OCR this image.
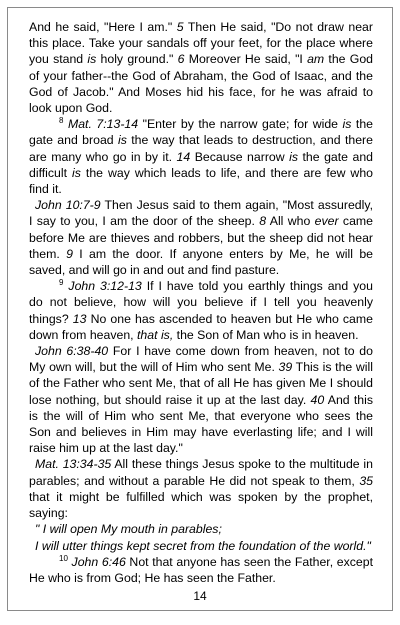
And he said, "Here I am." 5 Then He said, "Do not draw near this place. Take your sandals off your feet, for the place where you stand is holy ground." 6 Moreover He said, "I am the God of your father--the God of Abraham, the God of Isaac, and the God of Jacob." And Moses hid his face, for he was afraid to look upon God.

$^8$ Mat. 7:13-14 "Enter by the narrow gate; for wide is the gate and broad is the way that leads to destruction, and there are many who go in by it. 14 Because narrow is the gate and difficult is the way which leads to life, and there are few who find it.

John 10:7-9 Then Jesus said to them again, "Most assuredly, I say to you, I am the door of the sheep. 8 All who ever came before Me are thieves and robbers, but the sheep did not hear them. 9 I am the door. If anyone enters by Me, he will be saved, and will go in and out and find pasture.

$^9$ John 3:12-13 If I have told you earthly things and you do not believe, how will you believe if I tell you heavenly things? 13 No one has ascended to heaven but He who came down from heaven, that is, the Son of Man who is in heaven.

John 6:38-40 For I have come down from heaven, not to do My own will, but the will of Him who sent Me. 39 This is the will of the Father who sent Me, that of all He has given Me I should lose nothing, but should raise it up at the last day. 40 And this is the will of Him who sent Me, that everyone who sees the Son and believes in Him may have everlasting life; and I will raise him up at the last day."

Mat. 13:34-35 All these things Jesus spoke to the multitude in parables; and without a parable He did not speak to them, 35 that it might be fulfilled which was spoken by the prophet, saying:

" I will open My mouth in parables;

I will utter things kept secret from the foundation of the world."

$^{10}$ John 6:46 Not that anyone has seen the Father, except He who is from God; He has seen the Father.

14
